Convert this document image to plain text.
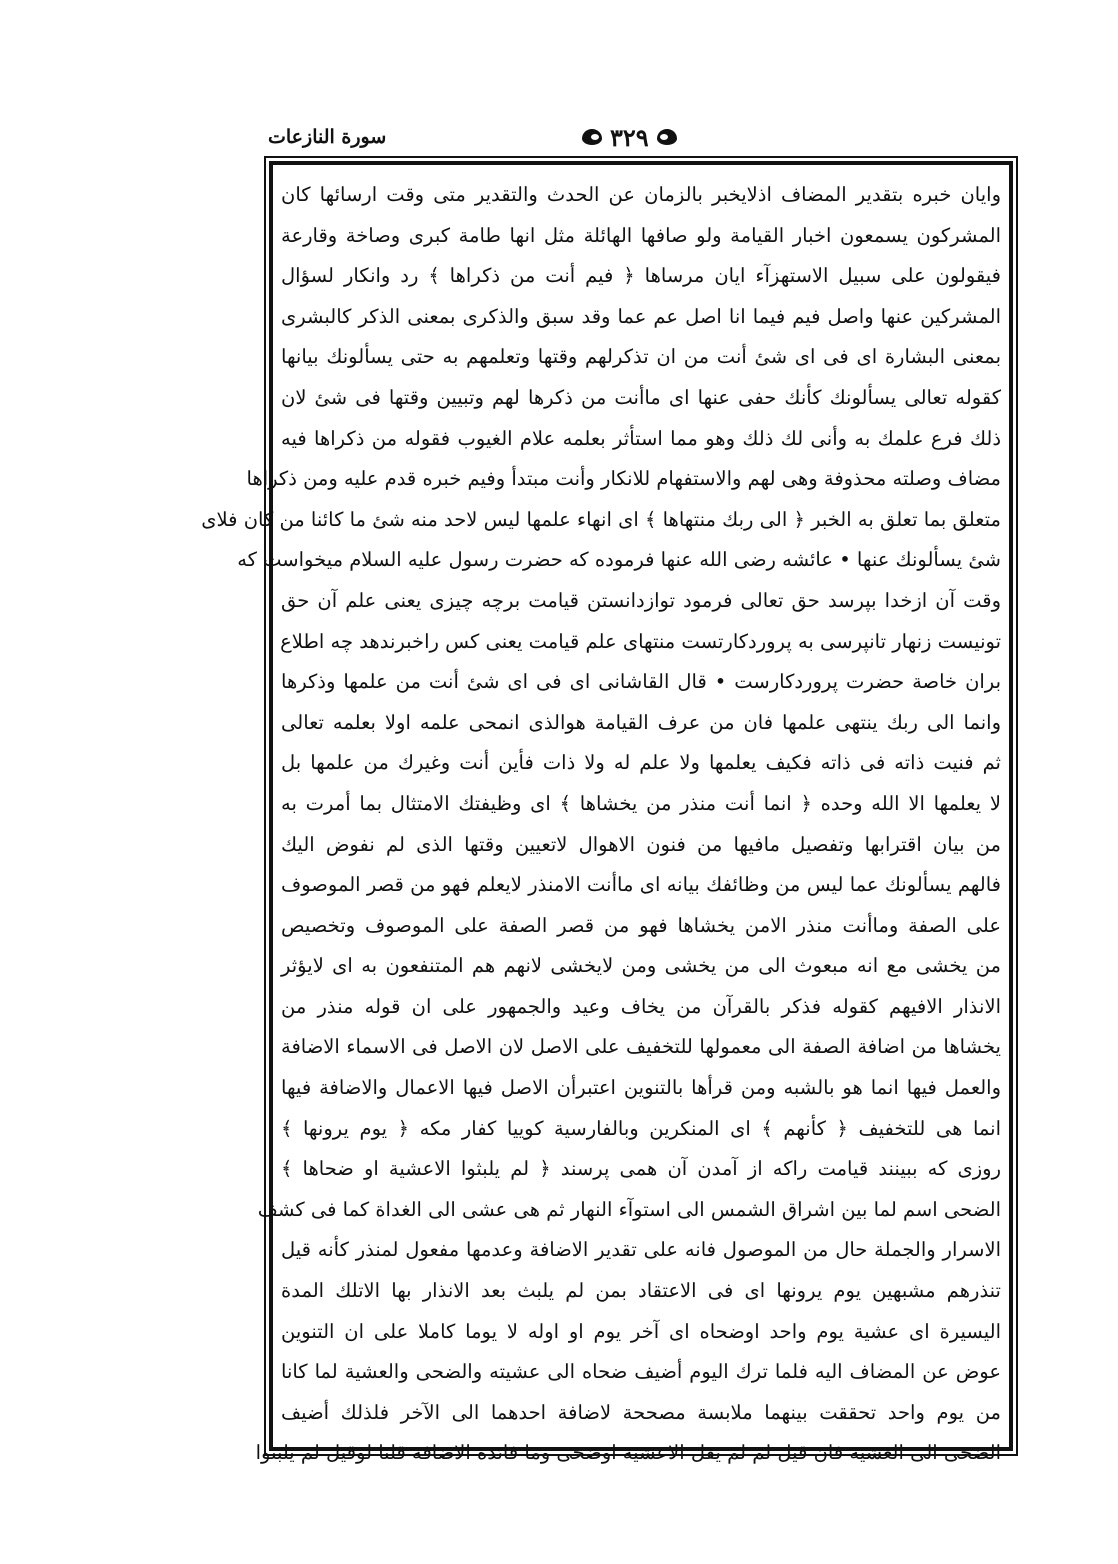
سورة النازعات	٣٢٩
وايان خبره بتقدير المضاف اذلايخبر بالزمان عن الحدث والتقدير متى وقت ارسائها كان
المشركون يسمعون اخبار القيامة ولو صافها الهائلة مثل انها طامة كبرى وصاخة وقارعة
فيقولون على سبيل الاستهزآء ايان مرساها ﴿ فيم أنت من ذكراها ﴾ رد وانكار لسؤال
المشركين عنها واصل فيم فيما انا اصل عم عما وقد سبق والذكرى بمعنى الذكر كالبشرى
بمعنى البشارة اى فى اى شئ أنت من ان تذكرلهم وقتها وتعلمهم به حتى يسألونك بيانها
كقوله تعالى يسألونك كأنك حفى عنها اى ماأنت من ذكرها لهم وتبيين وقتها فى شئ لان
ذلك فرع علمك به وأنى لك ذلك وهو مما استأثر بعلمه علام الغيوب فقوله من ذكراها فيه
مضاف وصلته محذوفة وهى لهم والاستفهام للانكار وأنت مبتدأ وفيم خبره قدم عليه ومن ذكراها
متعلق بما تعلق به الخبر ﴿ الى ربك منتهاها ﴾ اى انهاء علمها ليس لاحد منه شئ ما كائنا من كان فلاى
شئ يسألونك عنها • عائشه رضى الله عنها فرموده كه حضرت رسول عليه السلام ميخواست كه
وقت آن ازخدا بپرسد حق تعالى فرمود توازدانستن قيامت برچه چيزى يعنى علم آن حق
تونيست زنهار تانپرسى به پروردكارتست منتهاى علم قيامت يعنى كس راخبرندهد چه اطلاع
بران خاصة حضرت پروردكارست • قال القاشانى اى فى اى شئ أنت من علمها وذكرها
وانما الى ربك ينتهى علمها فان من عرف القيامة هوالذى انمحى علمه اولا بعلمه تعالى
ثم فنيت ذاته فى ذاته فكيف يعلمها ولا علم له ولا ذات فأين أنت وغيرك من علمها بل
لا يعلمها الا الله وحده ﴿ انما أنت منذر من يخشاها ﴾ اى وظيفتك الامتثال بما أمرت به
من بيان اقترابها وتفصيل مافيها من فنون الاهوال لاتعيين وقتها الذى لم نفوض اليك
فالهم يسألونك عما ليس من وظائفك بيانه اى ماأنت الامنذر لايعلم فهو من قصر الموصوف
على الصفة وماأنت منذر الامن يخشاها فهو من قصر الصفة على الموصوف وتخصيص
من يخشى مع انه مبعوث الى من يخشى ومن لايخشى لانهم هم المتنفعون به اى لايؤثر
الانذار الافيهم كقوله فذكر بالقرآن من يخاف وعيد والجمهور على ان قوله منذر من
يخشاها من اضافة الصفة الى معمولها للتخفيف على الاصل لان الاصل فى الاسماء الاضافة
والعمل فيها انما هو بالشبه ومن قرأها بالتنوين اعتبرأن الاصل فيها الاعمال والاضافة فيها
انما هى للتخفيف ﴿ كأنهم ﴾ اى المنكرين وبالفارسية كوييا كفار مكه ﴿ يوم يرونها ﴾
روزى كه ببينند قيامت راكه از آمدن آن همى پرسند ﴿ لم يلبثوا الاعشية او ضحاها ﴾
الضحى اسم لما بين اشراق الشمس الى استوآء النهار ثم هى عشى الى الغداة كما فى كشف
الاسرار والجملة حال من الموصول فانه على تقدير الاضافة وعدمها مفعول لمنذر كأنه قيل
تنذرهم مشبهين يوم يرونها اى فى الاعتقاد بمن لم يلبث بعد الانذار بها الاتلك المدة
اليسيرة اى عشية يوم واحد اوضحاه اى آخر يوم او اوله لا يوما كاملا على ان التنوين
عوض عن المضاف اليه فلما ترك اليوم أضيف ضحاه الى عشيته والضحى والعشية لما كانا
من يوم واحد تحققت بينهما ملابسة مصححة لاضافة احدهما الى الآخر فلذلك أضيف
الضحى الى العشية فان قيل لم لم يقل الاعشية اوضحى وما فائدة الاضافة قلنا لوقيل لم يلبثوا
